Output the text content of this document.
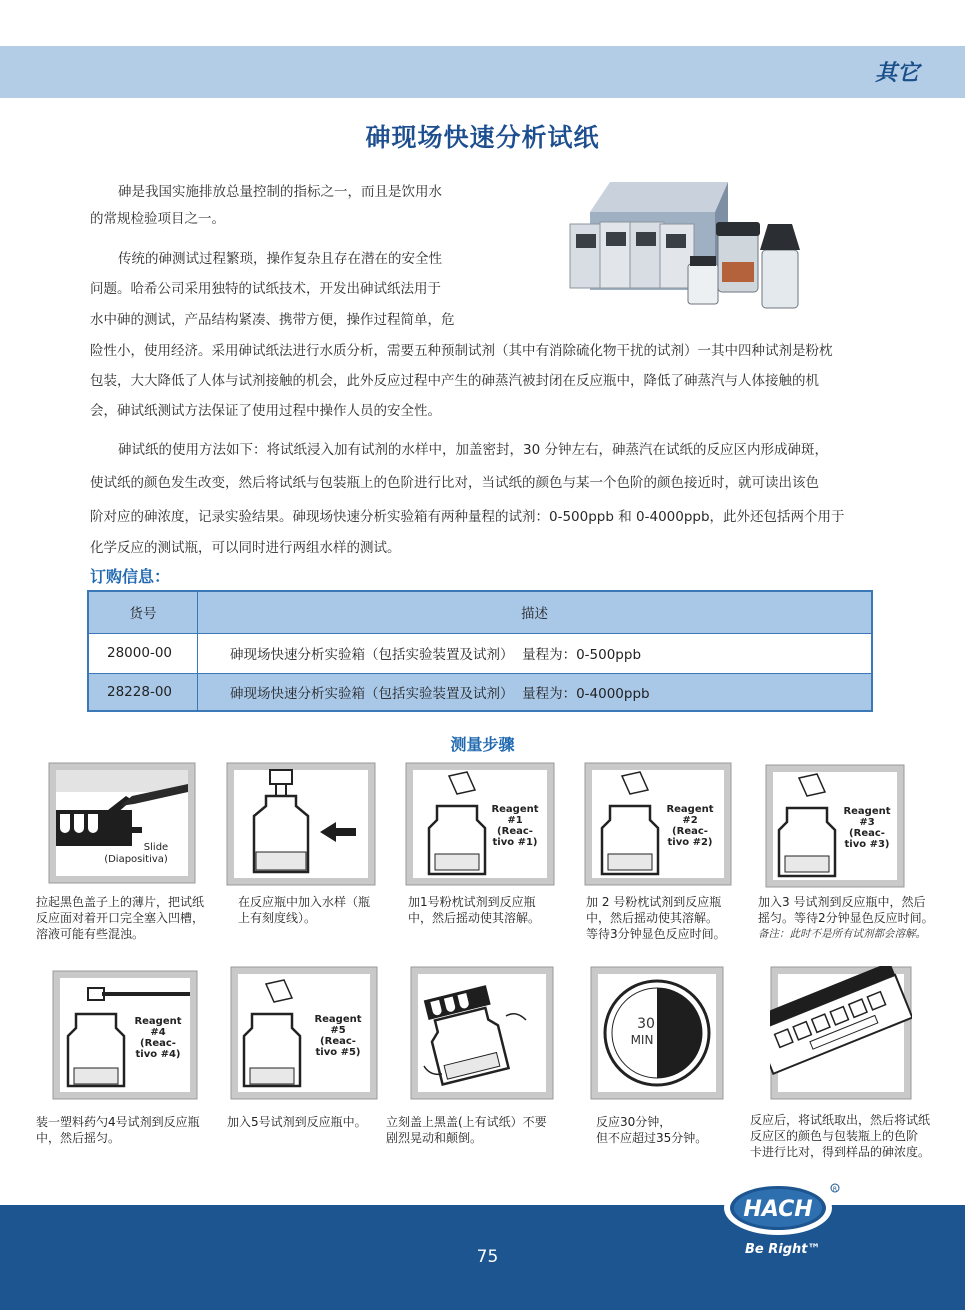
其它
砷现场快速分析试纸
砷是我国实施排放总量控制的指标之一，而且是饮用水
的常规检验项目之一。
传统的砷测试过程繁琐，操作复杂且存在潜在的安全性
问题。哈希公司采用独特的试纸技术，开发出砷试纸法用于
水中砷的测试，产品结构紧凑、携带方便，操作过程简单，危
险性小，使用经济。采用砷试纸法进行水质分析，需要五种预制试剂（其中有消除硫化物干扰的试剂）一其中四种试剂是粉枕
包装，大大降低了人体与试剂接触的机会，此外反应过程中产生的砷蒸汽被封闭在反应瓶中，降低了砷蒸汽与人体接触的机
会，砷试纸测试方法保证了使用过程中操作人员的安全性。
砷试纸的使用方法如下：将试纸浸入加有试剂的水样中，加盖密封，30 分钟左右，砷蒸汽在试纸的反应区内形成砷斑，
使试纸的颜色发生改变，然后将试纸与包装瓶上的色阶进行比对，当试纸的颜色与某一个色阶的颜色接近时，就可读出该色
阶对应的砷浓度，记录实验结果。砷现场快速分析实验箱有两种量程的试剂：0-500ppb 和 0-4000ppb，此外还包括两个用于
化学反应的测试瓶，可以同时进行两组水样的测试。
订购信息：
货号	描述
28000-00	砷现场快速分析实验箱（包括实验装置及试剂）  量程为：0-500ppb
28228-00	砷现场快速分析实验箱（包括实验装置及试剂）  量程为：0-4000ppb
测量步骤
Slide
(Diapositiva)
Reagent
#1
(Reac-
tivo #1)
Reagent
#2
(Reac-
tivo #2)
Reagent
#3
(Reac-
tivo #3)
拉起黑色盖子上的薄片，把试纸
反应面对着开口完全塞入凹槽，
溶液可能有些混浊。
在反应瓶中加入水样（瓶
上有刻度线）。
加1号粉枕试剂到反应瓶
中，然后摇动使其溶解。
加 2 号粉枕试剂到反应瓶
中，然后摇动使其溶解。
等待3分钟显色反应时间。
加入3 号试剂到反应瓶中，然后
摇匀。等待2分钟显色反应时间。
备注：此时不是所有试剂都会溶解。
Reagent
#4
(Reac-
tivo #4)
Reagent
#5
(Reac-
tivo #5)
30
MIN
装一塑料药勺4号试剂到反应瓶
中，然后摇匀。
加入5号试剂到反应瓶中。	立刻盖上黑盖(上有试纸）不要
剧烈晃动和颠倒。
反应30分钟，
但不应超过35分钟。
反应后，将试纸取出，然后将试纸
反应区的颜色与包装瓶上的色阶
卡进行比对，得到样品的砷浓度。
75
HACH
R
Be Right™
